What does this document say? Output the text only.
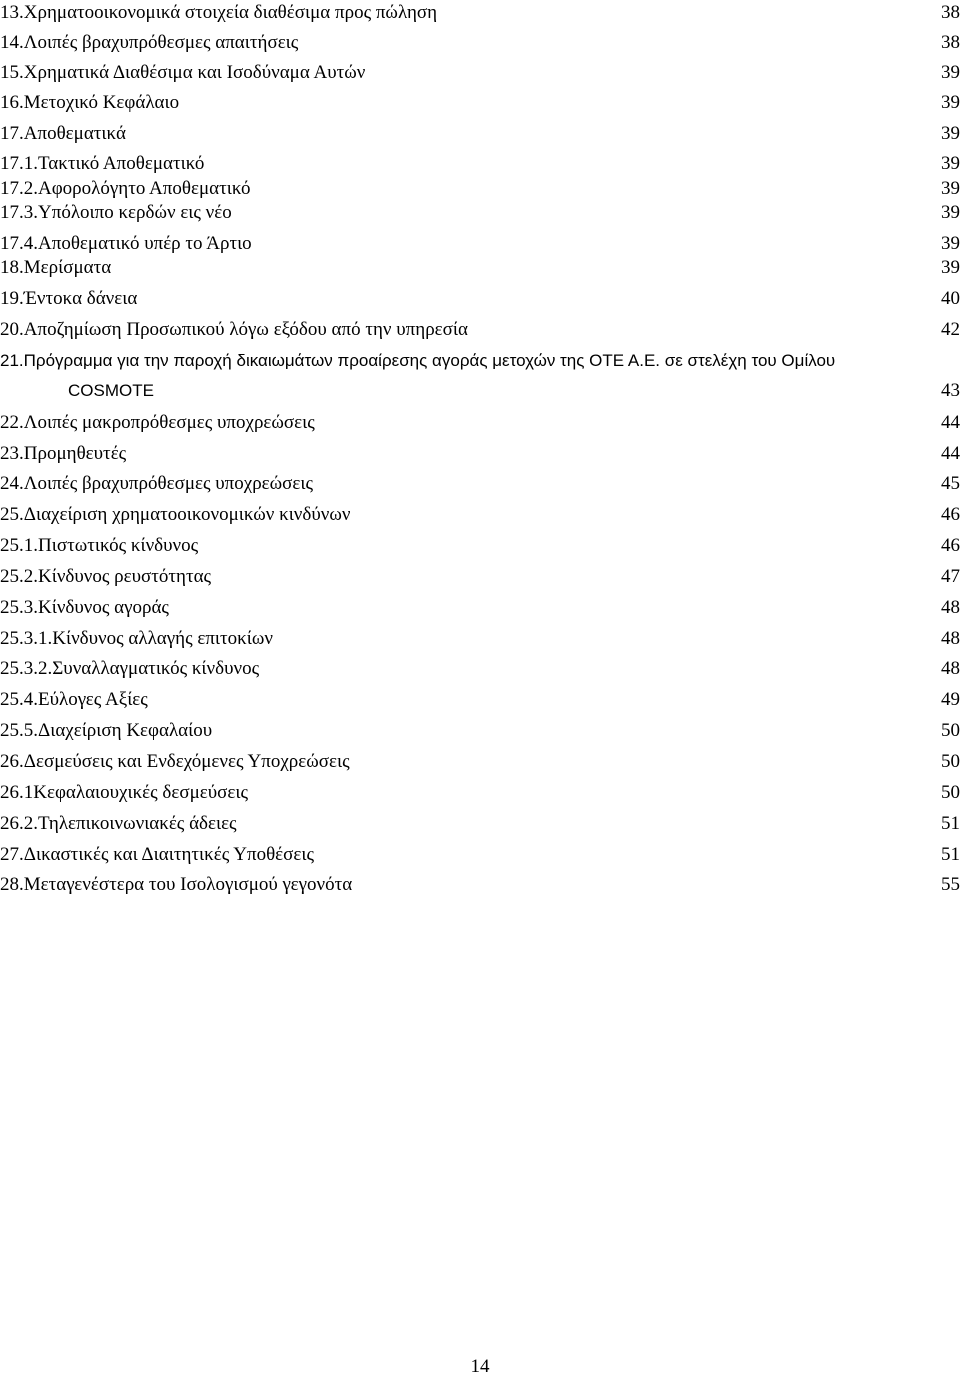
13.Χρηματοοικονομικά στοιχεία διαθέσιμα προς πώληση	38
14.Λοιπές βραχυπρόθεσμες απαιτήσεις	38
15.Χρηματικά Διαθέσιμα και Ισοδύναμα Αυτών	39
16.Μετοχικό Κεφάλαιο	39
17.Αποθεματικά	39
17.1.Τακτικό Αποθεματικό	39
17.2.Αφορολόγητο Αποθεματικό	39
17.3.Υπόλοιπο κερδών εις νέο	39
17.4.Αποθεματικό υπέρ το Άρτιο	39
18.Μερίσματα	39
19.Έντοκα δάνεια	40
20.Αποζημίωση Προσωπικού λόγω εξόδου από την υπηρεσία	42
21.Πρόγραμμα για την παροχή δικαιωμάτων προαίρεσης αγοράς μετοχών της ΟΤΕ Α.Ε. σε στελέχη του Ομίλου
COSMOTE	43
22.Λοιπές μακροπρόθεσμες υποχρεώσεις	44
23.Προμηθευτές	44
24.Λοιπές βραχυπρόθεσμες υποχρεώσεις	45
25.Διαχείριση χρηματοοικονομικών κινδύνων	46
25.1.Πιστωτικός κίνδυνος	46
25.2.Κίνδυνος ρευστότητας	47
25.3.Κίνδυνος αγοράς	48
25.3.1.Κίνδυνος αλλαγής επιτοκίων	48
25.3.2.Συναλλαγματικός κίνδυνος	48
25.4.Εύλογες Αξίες	49
25.5.Διαχείριση Κεφαλαίου	50
26.Δεσμεύσεις και Ενδεχόμενες Υποχρεώσεις	50
26.1Κεφαλαιουχικές δεσμεύσεις	50
26.2.Τηλεπικοινωνιακές άδειες	51
27.Δικαστικές και Διαιτητικές Υποθέσεις	51
28.Μεταγενέστερα του Ισολογισμού γεγονότα	55
14
